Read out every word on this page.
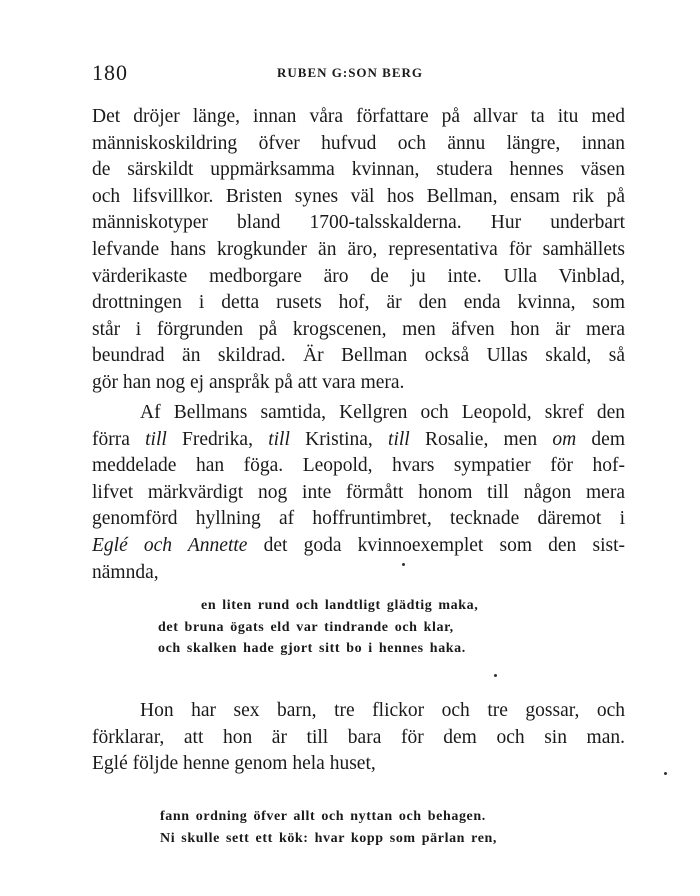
180	RUBEN G:SON BERG
Det dröjer länge, innan våra författare på allvar ta itu med
människoskildring öfver hufvud och ännu längre, innan
de särskildt uppmärksamma kvinnan, studera hennes väsen
och lifsvillkor. Bristen synes väl hos Bellman, ensam rik på
människotyper bland 1700-talsskalderna. Hur underbart
lefvande hans krogkunder än äro, representativa för samhällets
värderikaste medborgare äro de ju inte. Ulla Vinblad,
drottningen i detta rusets hof, är den enda kvinna, som
står i förgrunden på krogscenen, men äfven hon är mera
beundrad än skildrad. Är Bellman också Ullas skald, så
gör han nog ej anspråk på att vara mera.
Af Bellmans samtida, Kellgren och Leopold, skref den
förra till Fredrika, till Kristina, till Rosalie, men om dem
meddelade han föga. Leopold, hvars sympatier för hof-
lifvet märkvärdigt nog inte förmått honom till någon mera
genomförd hyllning af hoffruntimbret, tecknade däremot i
Eglé och Annette det goda kvinnoexemplet som den sist-
nämnda,
en liten rund och landtligt glädtig maka,
det bruna ögats eld var tindrande och klar,
och skalken hade gjort sitt bo i hennes haka.
Hon har sex barn, tre flickor och tre gossar, och
förklarar, att hon är till bara för dem och sin man.
Eglé följde henne genom hela huset,
fann ordning öfver allt och nyttan och behagen.
Ni skulle sett ett kök: hvar kopp som pärlan ren,
